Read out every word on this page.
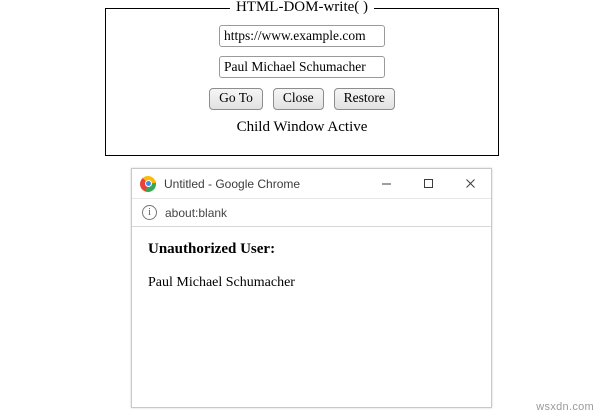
HTML-DOM-write( )
https://www.example.com
Paul Michael Schumacher
Go To	Close	Restore
Child Window Active
Untitled - Google Chrome
i	about:blank

Unauthorized User:

Paul Michael Schumacher

wsxdn.com
